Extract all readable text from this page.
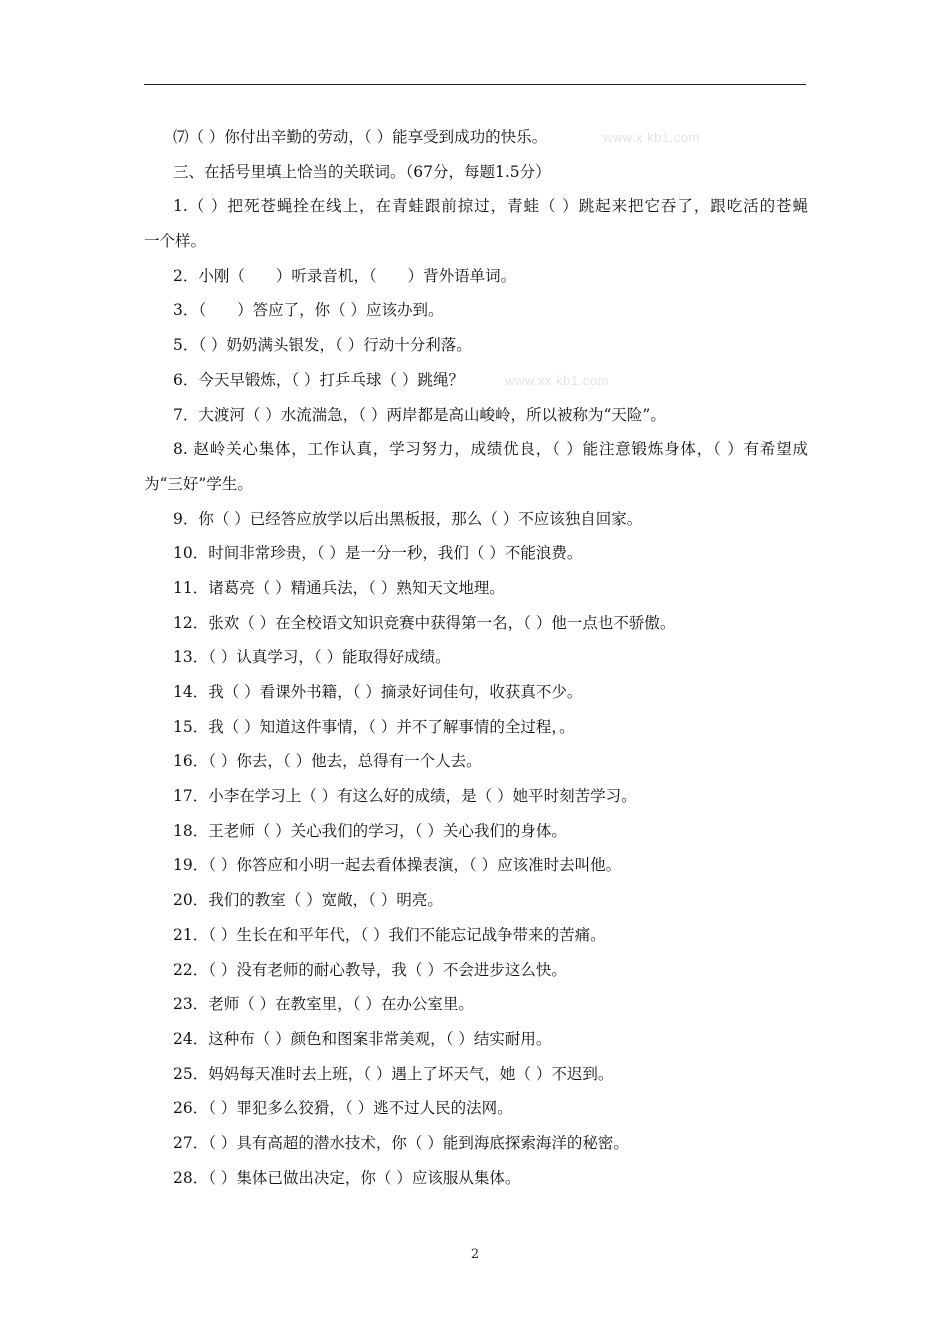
www.x kb1.com
www.xx kb1.com
⑺（ ）你付出辛勤的劳动，（ ）能享受到成功的快乐。
三、在括号里填上恰当的关联词。（67分，每题1.5分）
1.（ ）把死苍蝇拴在线上，在青蛙跟前掠过，青蛙（ ）跳起来把它吞了，跟吃活的苍蝇
一个样。
2．小刚（　　）听录音机，（　　）背外语单词。
3．（　　）答应了，你（ ）应该办到。
5．（ ）奶奶满头银发，（ ）行动十分利落。
6．今天早锻炼，（ ）打乒乓球（ ）跳绳？
7．大渡河（ ）水流湍急，（ ）两岸都是高山峻岭，所以被称为“天险”。
8. 赵岭关心集体，工作认真，学习努力，成绩优良，（ ）能注意锻炼身体，（ ）有希望成
为“三好”学生。
9．你（ ）已经答应放学以后出黑板报，那么（ ）不应该独自回家。
10．时间非常珍贵，（ ）是一分一秒，我们（ ）不能浪费。
11．诸葛亮（ ）精通兵法，（ ）熟知天文地理。
12．张欢（ ）在全校语文知识竞赛中获得第一名，（ ）他一点也不骄傲。
13．（ ）认真学习，（ ）能取得好成绩。
14．我（ ）看课外书籍，（ ）摘录好词佳句，收获真不少。
15．我（ ）知道这件事情，（ ）并不了解事情的全过程，。
16．（ ）你去，（ ）他去，总得有一个人去。
17．小李在学习上（ ）有这么好的成绩，是（ ）她平时刻苦学习。
18．王老师（ ）关心我们的学习，（ ）关心我们的身体。
19．（ ）你答应和小明一起去看体操表演，（ ）应该准时去叫他。
20．我们的教室（ ）宽敞，（ ）明亮。
21．（ ）生长在和平年代，（ ）我们不能忘记战争带来的苦痛。
22．（ ）没有老师的耐心教导，我（ ）不会进步这么快。
23．老师（ ）在教室里，（ ）在办公室里。
24．这种布（ ）颜色和图案非常美观，（ ）结实耐用。
25．妈妈每天准时去上班，（ ）遇上了坏天气，她（ ）不迟到。
26．（ ）罪犯多么狡猾，（ ）逃不过人民的法网。
27．（ ）具有高超的潜水技术，你（ ）能到海底探索海洋的秘密。
28．（ ）集体已做出决定，你（ ）应该服从集体。
2
